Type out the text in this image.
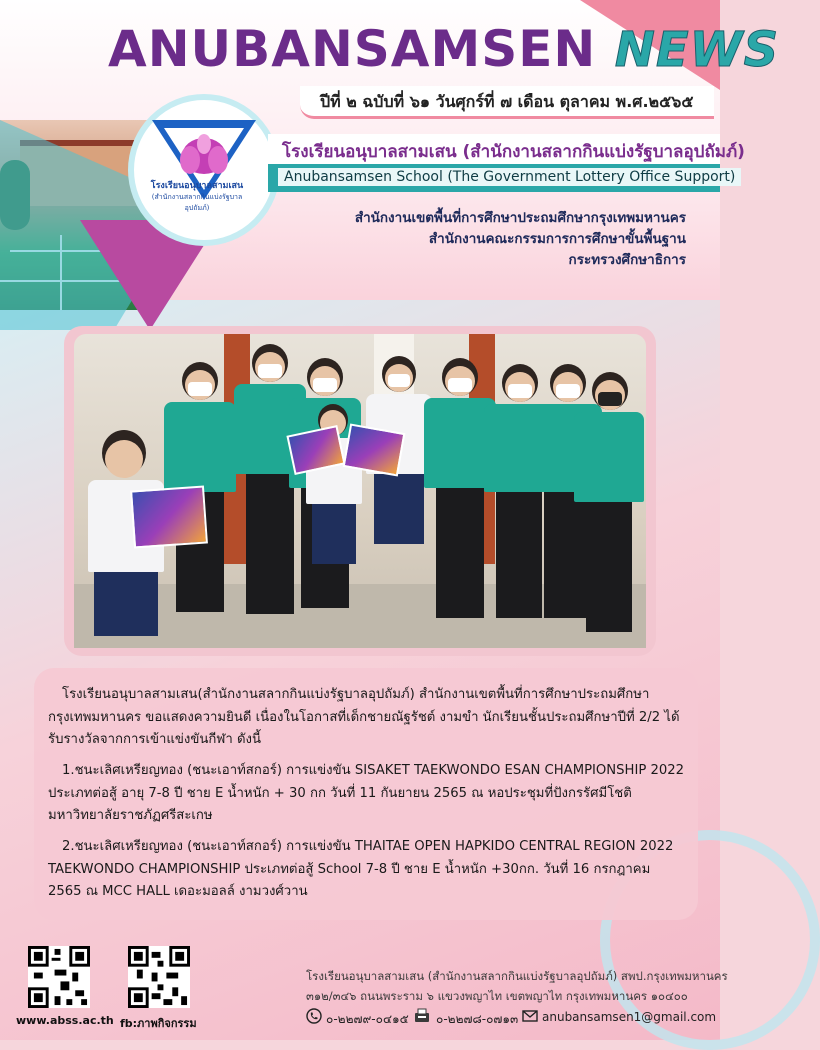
ANUBANSAMSEN NEWS
ปีที่ ๒ ฉบับที่ ๖๑ วันศุกร์ที่ ๗ เดือน ตุลาคม พ.ศ.๒๕๖๕
โรงเรียนอนุบาลสามเสน
(สำนักงานสลากกินแบ่งรัฐบาลอุปถัมภ์)
โรงเรียนอนุบาลสามเสน (สำนักงานสลากกินแบ่งรัฐบาลอุปถัมภ์)
Anubansamsen School (The Government Lottery Office Support)
สำนักงานเขตพื้นที่การศึกษาประถมศึกษากรุงเทพมหานคร
สำนักงานคณะกรรมการการศึกษาขั้นพื้นฐาน
กระทรวงศึกษาธิการ
โรงเรียนอนุบาลสามเสน(สำนักงานสลากกินแบ่งรัฐบาลอุปถัมภ์) สำนักงานเขตพื้นที่การศึกษาประถมศึกษากรุงเทพมหานคร ขอแสดงความยินดี เนื่องในโอกาสที่เด็กชายณัฐรัชต์ งามขำ นักเรียนชั้นประถมศึกษาปีที่ 2/2 ได้รับรางวัลจากการเข้าแข่งขันกีฬา ดังนี้
1.ชนะเลิศเหรียญทอง (ชนะเอาท์สกอร์) การแข่งขัน SISAKET TAEKWONDO ESAN CHAMPIONSHIP 2022 ประเภทต่อสู้ อายุ 7-8 ปี ชาย E น้ำหนัก + 30 กก วันที่ 11 กันยายน 2565 ณ หอประชุมที่ปังกรรัศมีโชติ มหาวิทยาลัยราชภัฏศรีสะเกษ
2.ชนะเลิศเหรียญทอง (ชนะเอาท์สกอร์) การแข่งขัน THAITAE OPEN HAPKIDO CENTRAL REGION 2022 TAEKWONDO CHAMPIONSHIP ประเภทต่อสู้ School 7-8 ปี ชาย E น้ำหนัก +30กก. วันที่ 16 กรกฎาคม 2565 ณ MCC HALL เดอะมอลล์ งามวงศ์วาน
www.abss.ac.th fb:ภาพกิจกรรม
โรงเรียนอนุบาลสามเสน (สำนักงานสลากกินแบ่งรัฐบาลอุปถัมภ์) สพป.กรุงเทพมหานคร
๓๑๒/๓๔๖ ถนนพระราม ๖ แขวงพญาไท เขตพญาไท กรุงเทพมหานคร ๑๐๔๐๐
๐-๒๒๗๙-๐๔๑๕ ๐-๒๒๗๘-๐๗๑๓ anubansamsen1@gmail.com
